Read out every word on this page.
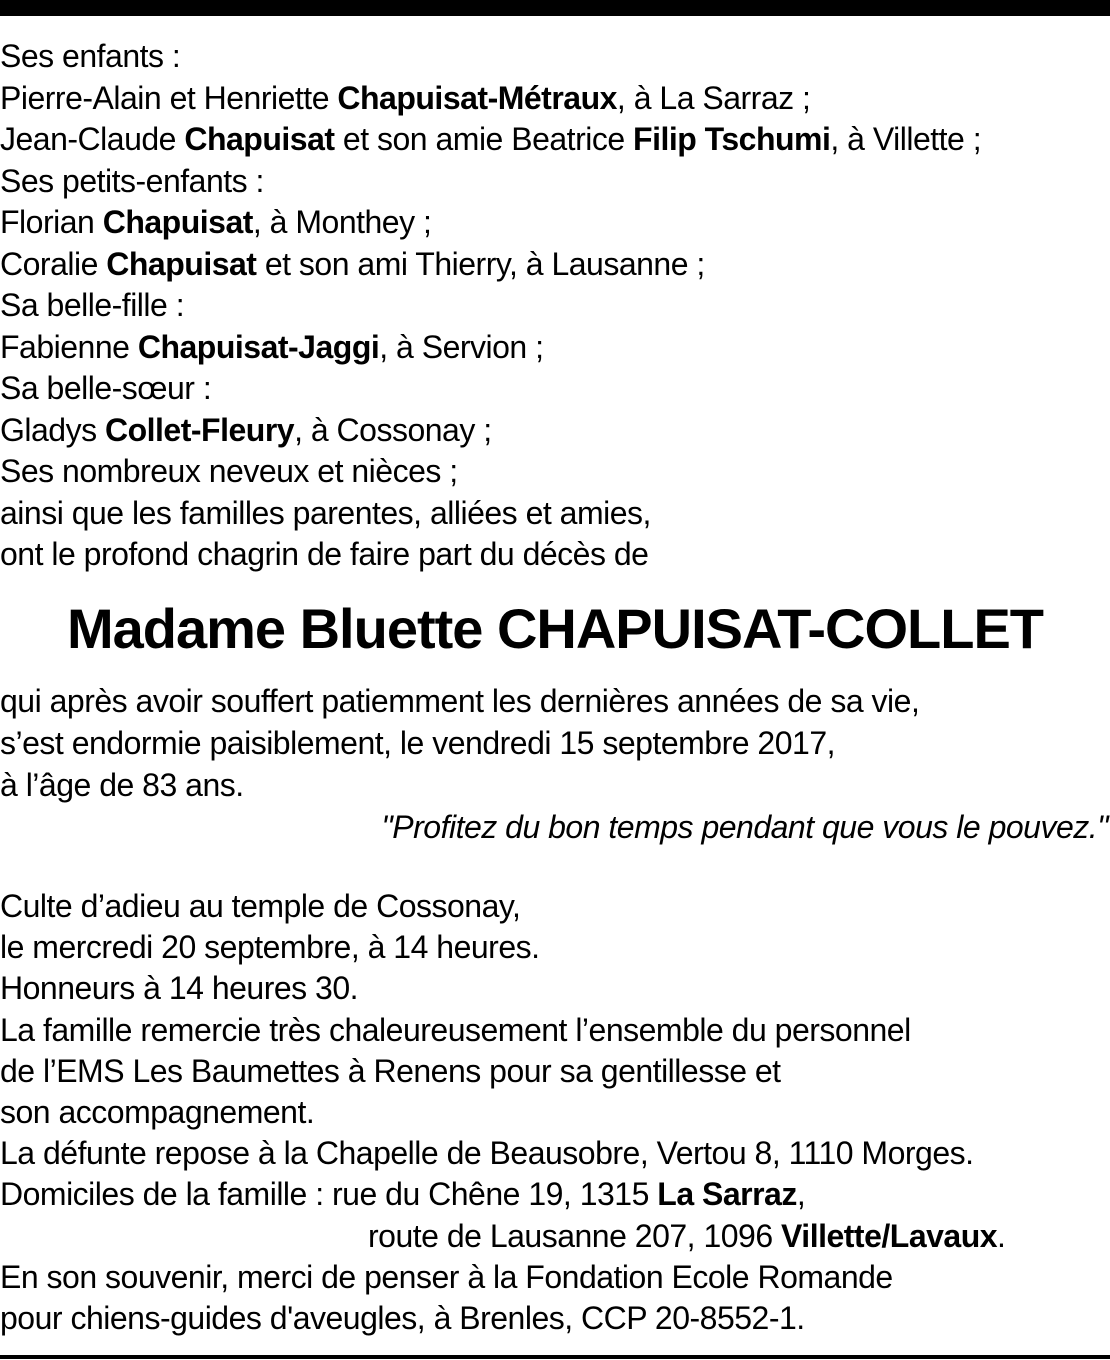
Ses enfants :
Pierre-Alain et Henriette Chapuisat-Métraux, à La Sarraz ;
Jean-Claude Chapuisat et son amie Beatrice Filip Tschumi, à Villette ;
Ses petits-enfants :
Florian Chapuisat, à Monthey ;
Coralie Chapuisat et son ami Thierry, à Lausanne ;
Sa belle-fille :
Fabienne Chapuisat-Jaggi, à Servion ;
Sa belle-sœur :
Gladys Collet-Fleury, à Cossonay ;
Ses nombreux neveux et nièces ;
ainsi que les familles parentes, alliées et amies,
ont le profond chagrin de faire part du décès de
Madame Bluette CHAPUISAT-COLLET
qui après avoir souffert patiemment les dernières années de sa vie,
s’est endormie paisiblement, le vendredi 15 septembre 2017,
à l’âge de 83 ans.
"Profitez du bon temps pendant que vous le pouvez."
Culte d’adieu au temple de Cossonay,
le mercredi 20 septembre, à 14 heures.
Honneurs à 14 heures 30.
La famille remercie très chaleureusement l’ensemble du personnel
de l’EMS Les Baumettes à Renens pour sa gentillesse et
son accompagnement.
La défunte repose à la Chapelle de Beausobre, Vertou 8, 1110 Morges.
Domiciles de la famille : rue du Chêne 19, 1315 La Sarraz,
route de Lausanne 207, 1096 Villette/Lavaux.
En son souvenir, merci de penser à la Fondation Ecole Romande
pour chiens-guides d'aveugles, à Brenles, CCP 20-8552-1.
